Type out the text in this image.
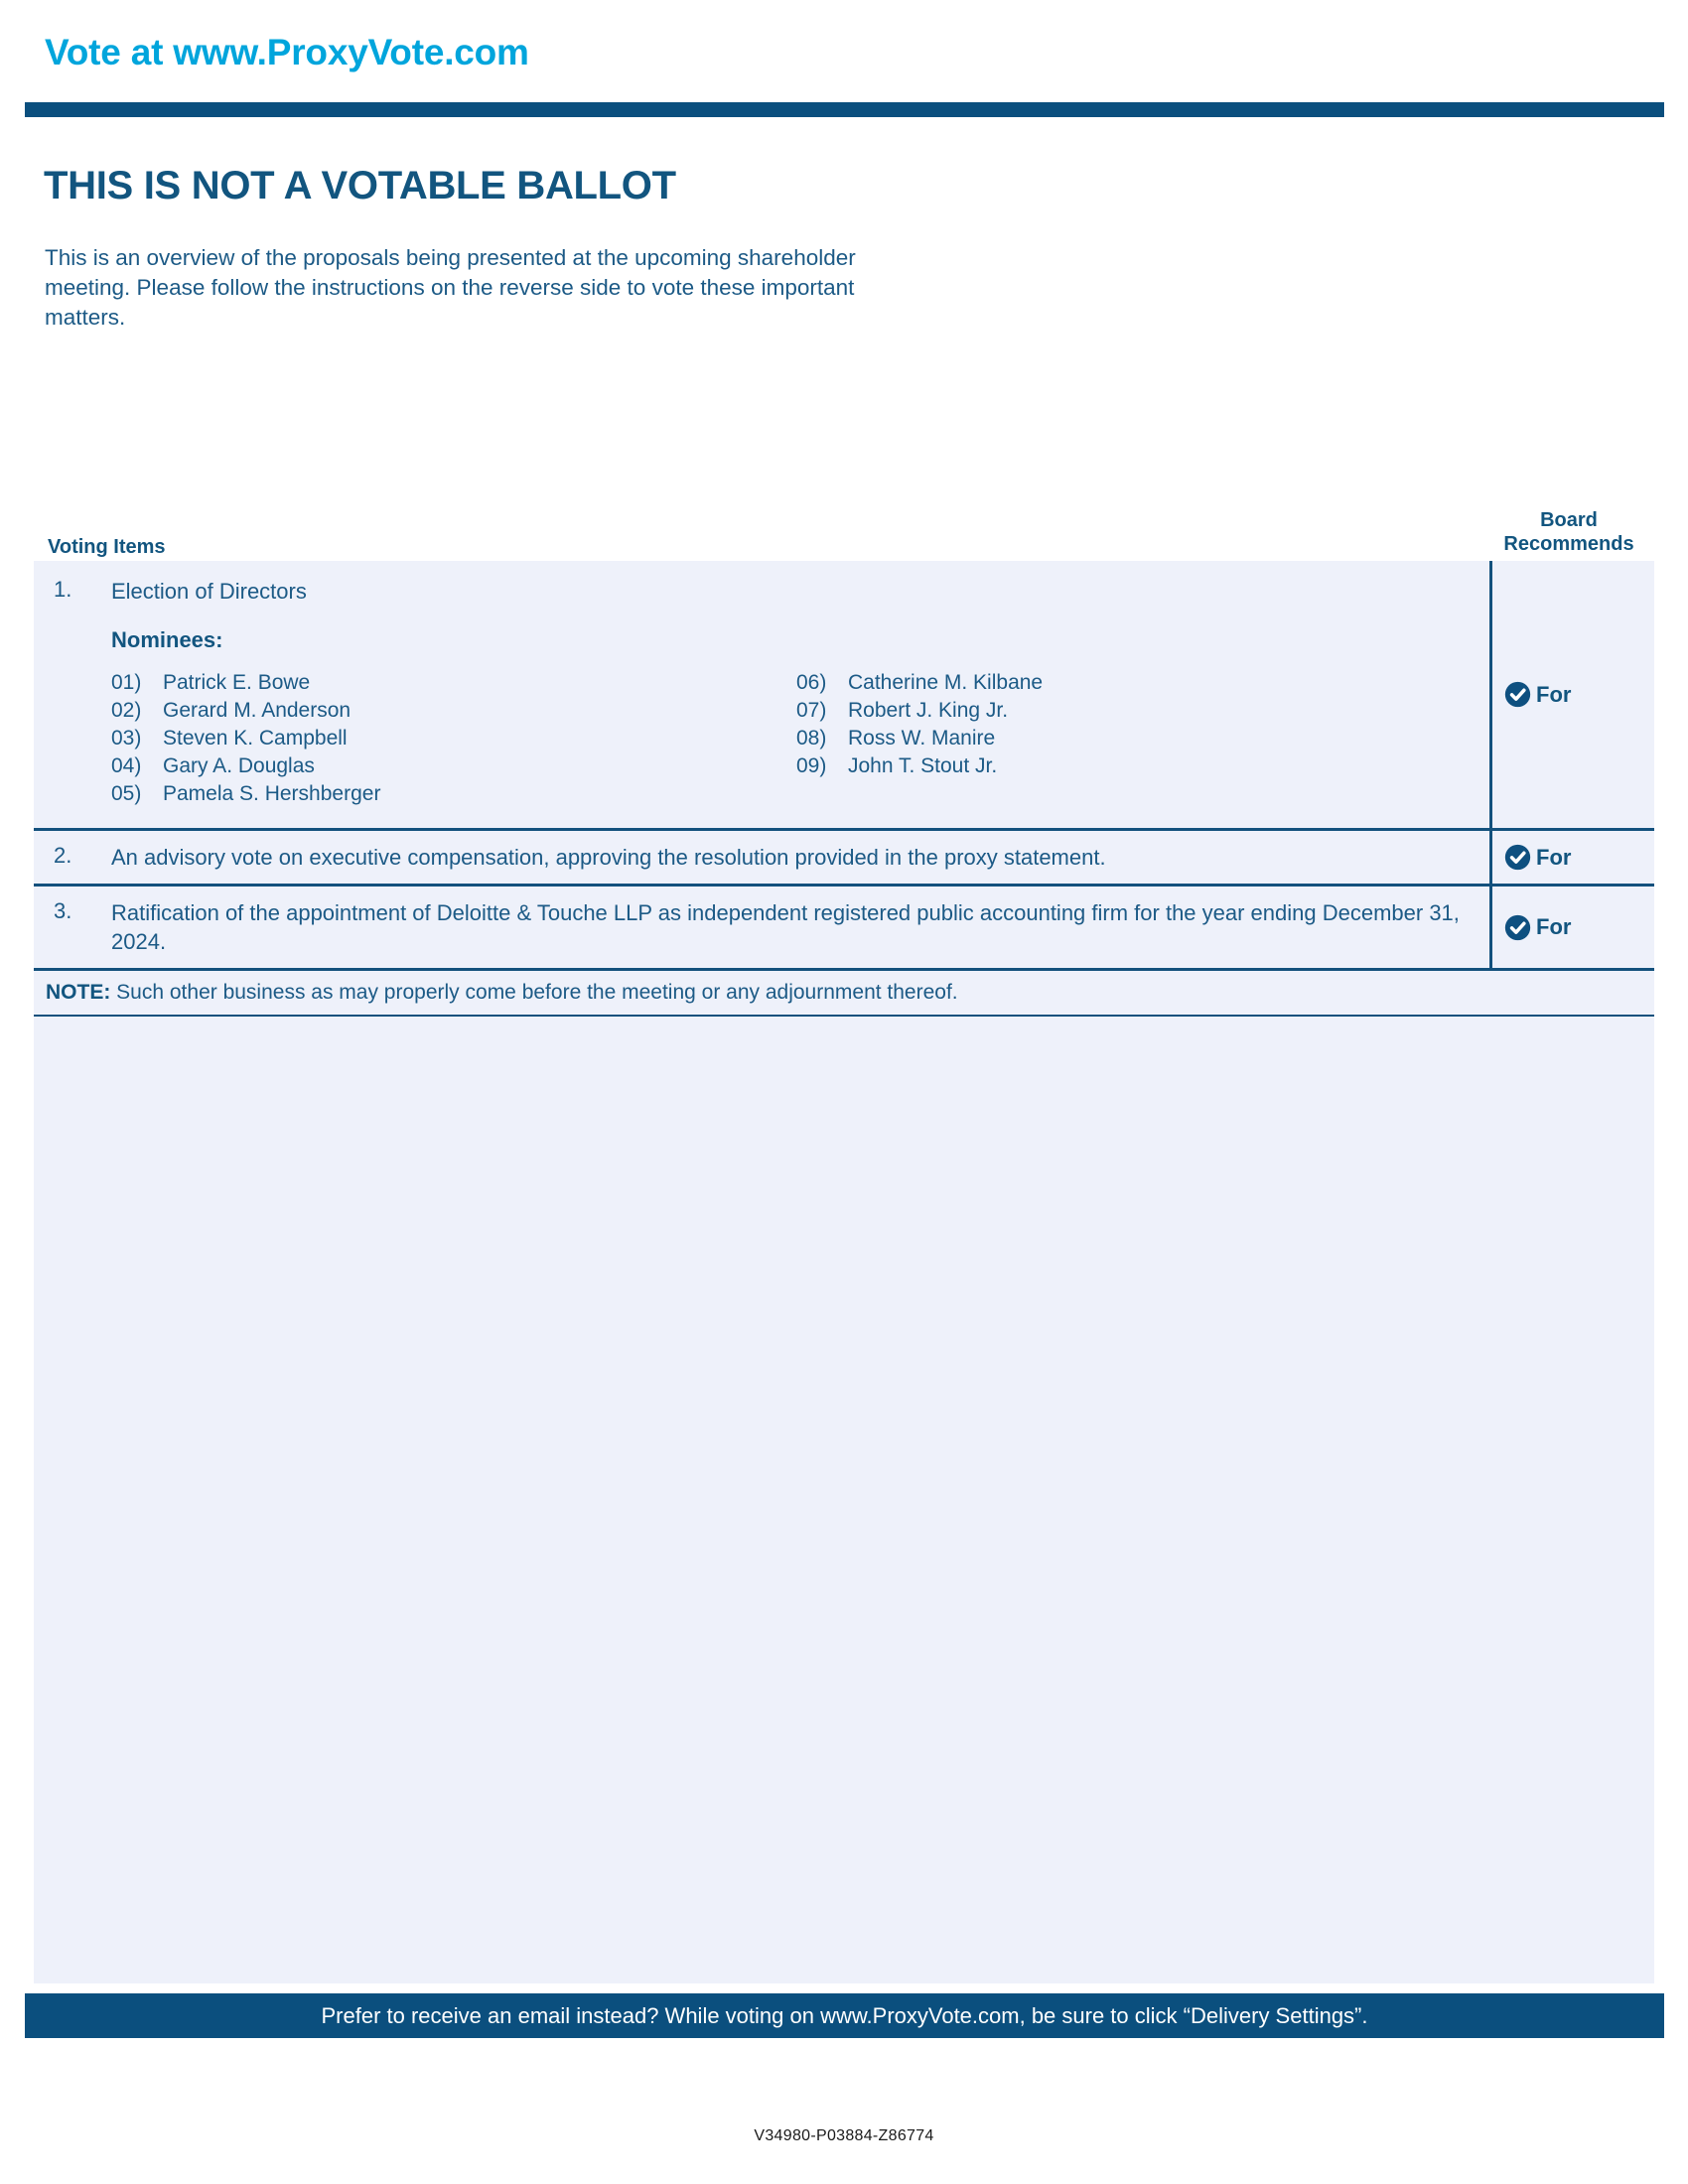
Vote at www.ProxyVote.com
THIS IS NOT A VOTABLE BALLOT
This is an overview of the proposals being presented at the upcoming shareholder meeting. Please follow the instructions on the reverse side to vote these important matters.
Voting Items
Board
Recommends
1. Election of Directors
Nominees:
01) Patrick E. Bowe
02) Gerard M. Anderson
03) Steven K. Campbell
04) Gary A. Douglas
05) Pamela S. Hershberger
06) Catherine M. Kilbane
07) Robert J. King Jr.
08) Ross W. Manire
09) John T. Stout Jr.
For
2. An advisory vote on executive compensation, approving the resolution provided in the proxy statement.	For
3. Ratification of the appointment of Deloitte & Touche LLP as independent registered public accounting firm for the year ending December 31, 2024.
For
NOTE: Such other business as may properly come before the meeting or any adjournment thereof.
Prefer to receive an email instead? While voting on www.ProxyVote.com, be sure to click “Delivery Settings”.
V34980-P03884-Z86774
